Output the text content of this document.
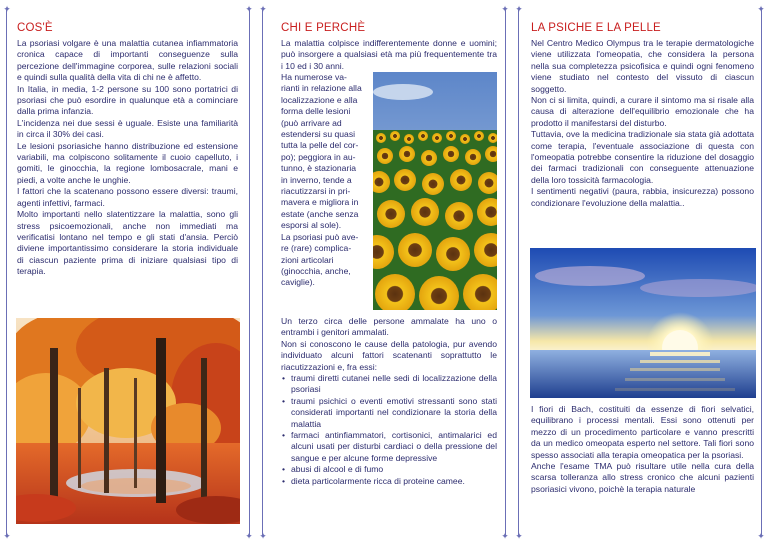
✦	✦
✦	✦
COS'È

La psoriasi volgare è una malattia cutanea infiammatoria cronica capace di importanti conseguenze sulla percezione dell'immagine corporea, sulle relazioni sociali e quindi sulla qualità della vita di chi ne è affetto.

In Italia, in media, 1-2 persone su 100 sono portatrici di psoriasi che può esordire in qualunque età a cominciare dalla prima infanzia.

L'incidenza nei due sessi è uguale. Esiste una familiarità in circa il 30% dei casi.

Le lesioni psoriasiche hanno distribuzione ed estensione variabili, ma colpiscono solitamente il cuoio capelluto, i gomiti, le ginocchia, la regione lombosacrale, mani e piedi, a volte anche le unghie.

I fattori che la scatenano possono essere diversi: traumi, agenti infettivi, farmaci.

Molto importanti nello slatentizzare la malattia, sono gli stress psicoemozionali, anche non immediati ma verificatisi lontano nel tempo e gli stati d'ansia. Perciò diviene importantissimo considerare la storia individuale di ciascun paziente prima di iniziare qualsiasi tipo di terapia.

✦	✦
✦	✦
CHI E PERCHÈ

La malattia colpisce indifferentemente donne e uomini; può insorgere a qualsiasi età ma più frequentemente tra i 10 ed i 30 anni.

Ha numerose va-
rianti in relazione alla
localizzazione e alla
forma delle lesioni
(può arrivare ad
estendersi su quasi
tutta la pelle del cor-
po); peggiora in au-
tunno, è stazionaria
in inverno, tende a
riacutizzarsi in pri-
mavera e migliora in
estate (anche senza
esporsi al sole).
La psoriasi può ave-
re (rare) complica-
zioni articolari
(ginocchia, anche,
caviglie).

Un terzo circa delle persone ammalate ha uno o entrambi i genitori ammalati.

Non si conoscono le cause della patologia, pur avendo individuato alcuni fattori scatenanti soprattutto le riacutizzazioni e, fra essi:

• traumi diretti cutanei nelle sedi di localizzazione della psoriasi
• traumi psichici o eventi emotivi stressanti sono stati considerati importanti nel condizionare la storia della malattia
• farmaci antinfiammatori, cortisonici, antimalarici ed alcuni usati per disturbi cardiaci o della pressione del sangue e per alcune forme depressive
• abusi di alcool e di fumo
• dieta particolarmente ricca di proteine camee.
✦	✦
✦	✦
LA PSICHE E LA PELLE

Nel Centro Medico Olympus tra le terapie dermatologiche viene utilizzata l'omeopatia, che considera la persona nella sua completezza psicofisica e quindi ogni fenomeno viene studiato nel contesto del vissuto di ciascun soggetto.

Non ci si limita, quindi, a curare il sintomo ma si risale alla causa di alterazione dell'equilibrio emozionale che ha prodotto il manifestarsi del disturbo.

Tuttavia, ove la medicina tradizionale sia stata già adottata come terapia, l'eventuale associazione di questa con l'omeopatia potrebbe consentire la riduzione del dosaggio dei farmaci tradizionali con conseguente attenuazione della loro tossicità farmacologia.

I sentimenti negativi (paura, rabbia, insicurezza) possono condizionare l'evoluzione della malattia..

I fiori di Bach, costituiti da essenze di fiori selvatici, equilibrano i processi mentali. Essi sono ottenuti per mezzo di un procedimento particolare e vanno prescritti da un medico omeopata esperto nel settore. Tali fiori sono spesso associati alla terapia omeopatica per la psoriasi.

Anche l'esame TMA può risultare utile nella cura della scarsa tolleranza allo stress cronico che alcuni pazienti psoriasici vivono, poichè la terapia naturale
